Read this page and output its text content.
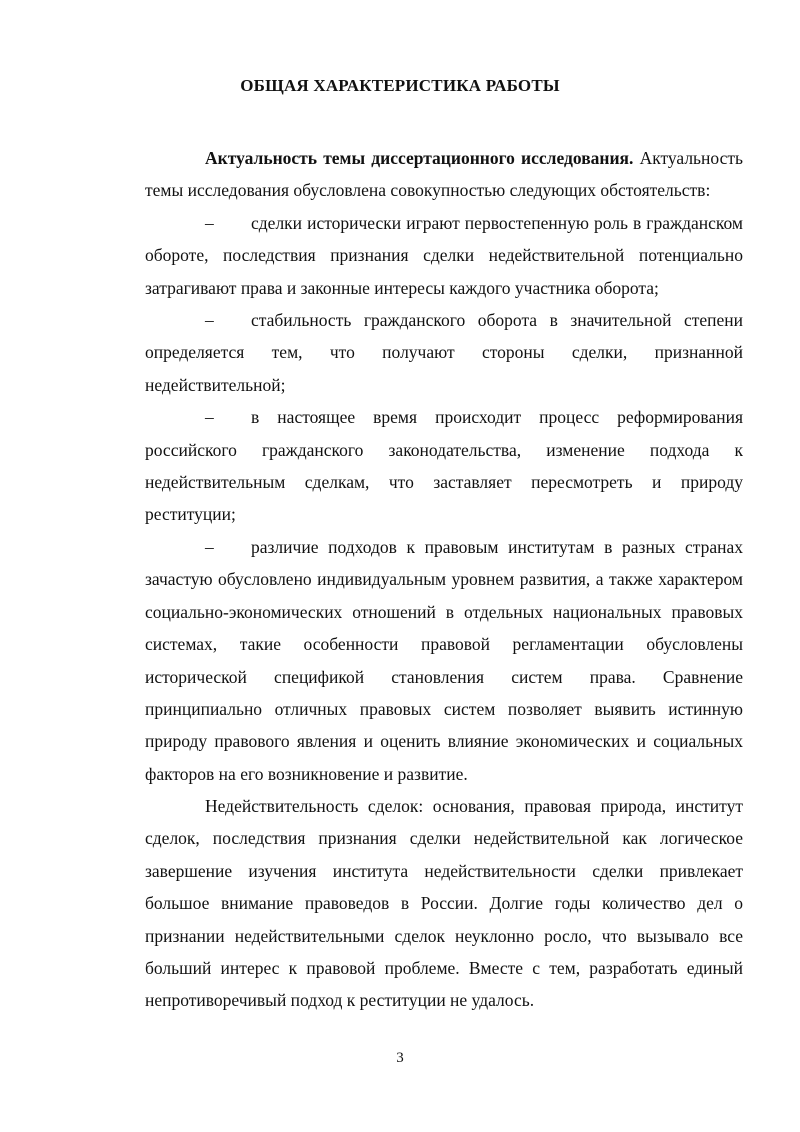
ОБЩАЯ ХАРАКТЕРИСТИКА РАБОТЫ

Актуальность темы диссертационного исследования. Актуальность темы исследования обусловлена совокупностью следующих обстоятельств:

– сделки исторически играют первостепенную роль в гражданском обороте, последствия признания сделки недействительной потенциально затрагивают права и законные интересы каждого участника оборота;

– стабильность гражданского оборота в значительной степени определяется тем, что получают стороны сделки, признанной недействительной;

– в настоящее время происходит процесс реформирования российского гражданского законодательства, изменение подхода к недействительным сделкам, что заставляет пересмотреть и природу реституции;

– различие подходов к правовым институтам в разных странах зачастую обусловлено индивидуальным уровнем развития, а также характером социально-экономических отношений в отдельных национальных правовых системах, такие особенности правовой регламентации обусловлены исторической спецификой становления систем права. Сравнение принципиально отличных правовых систем позволяет выявить истинную природу правового явления и оценить влияние экономических и социальных факторов на его возникновение и развитие.

Недействительность сделок: основания, правовая природа, институт сделок, последствия признания сделки недействительной как логическое завершение изучения института недействительности сделки привлекает большое внимание правоведов в России. Долгие годы количество дел о признании недействительными сделок неуклонно росло, что вызывало все больший интерес к правовой проблеме. Вместе с тем, разработать единый непротиворечивый подход к реституции не удалось.

3
